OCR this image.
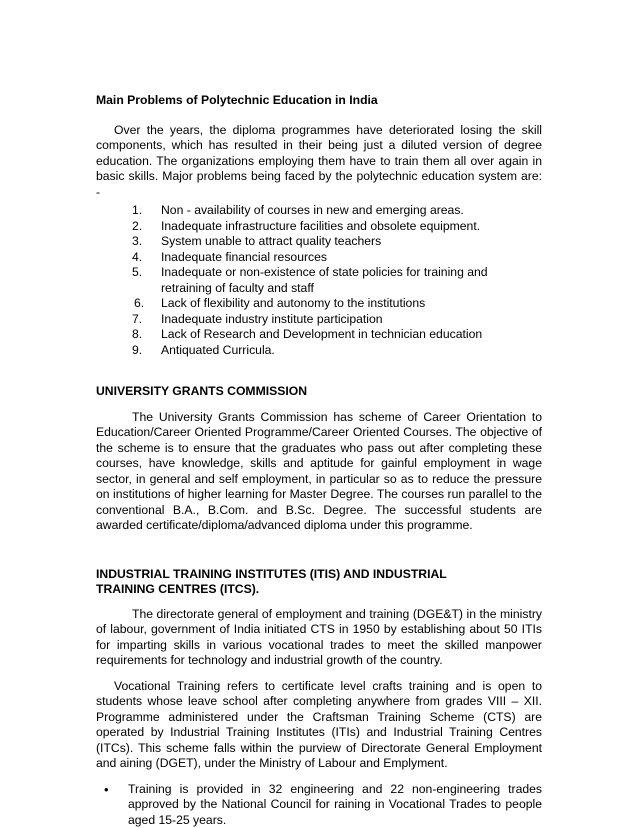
Main Problems of Polytechnic Education in India

Over the years, the diploma programmes have deteriorated losing the skill components, which has resulted in their being just a diluted version of degree education. The organizations employing them have to train them all over again in basic skills. Major problems being faced by the polytechnic education system are: -

1.	Non - availability of courses in new and emerging areas.
2.	Inadequate infrastructure facilities and obsolete equipment.
3.	System unable to attract quality teachers
4.	Inadequate financial resources
5.	Inadequate or non-existence of state policies for training and retraining of faculty and staff
6.	Lack of flexibility and autonomy to the institutions
7.	Inadequate industry institute participation
8.	Lack of Research and Development in technician education
9.	Antiquated Curricula.
UNIVERSITY GRANTS COMMISSION

The University Grants Commission has scheme of Career Orientation to Education/Career Oriented Programme/Career Oriented Courses. The objective of the scheme is to ensure that the graduates who pass out after completing these courses, have knowledge, skills and aptitude for gainful employment in wage sector, in general and self employment, in particular so as to reduce the pressure on institutions of higher learning for Master Degree. The courses run parallel to the conventional B.A., B.Com. and B.Sc. Degree. The successful students are awarded certificate/diploma/advanced diploma under this programme.

INDUSTRIAL TRAINING INSTITUTES (ITIS) AND INDUSTRIAL TRAINING CENTRES (ITCS).

The directorate general of employment and training (DGE&T) in the ministry of labour, government of India initiated CTS in 1950 by establishing about 50 ITIs for imparting skills in various vocational trades to meet the skilled manpower requirements for technology and industrial growth of the country.

Vocational Training refers to certificate level crafts training and is open to students whose leave school after completing anywhere from grades VIII – XII. Programme administered under the Craftsman Training Scheme (CTS) are operated by Industrial Training Institutes (ITIs) and Industrial Training Centres (ITCs). This scheme falls within the purview of Directorate General Employment and aining (DGET), under the Ministry of Labour and Emplyment.

•	Training is provided in 32 engineering and 22 non-engineering trades approved by the National Council for raining in Vocational Trades to people aged 15-25 years.
